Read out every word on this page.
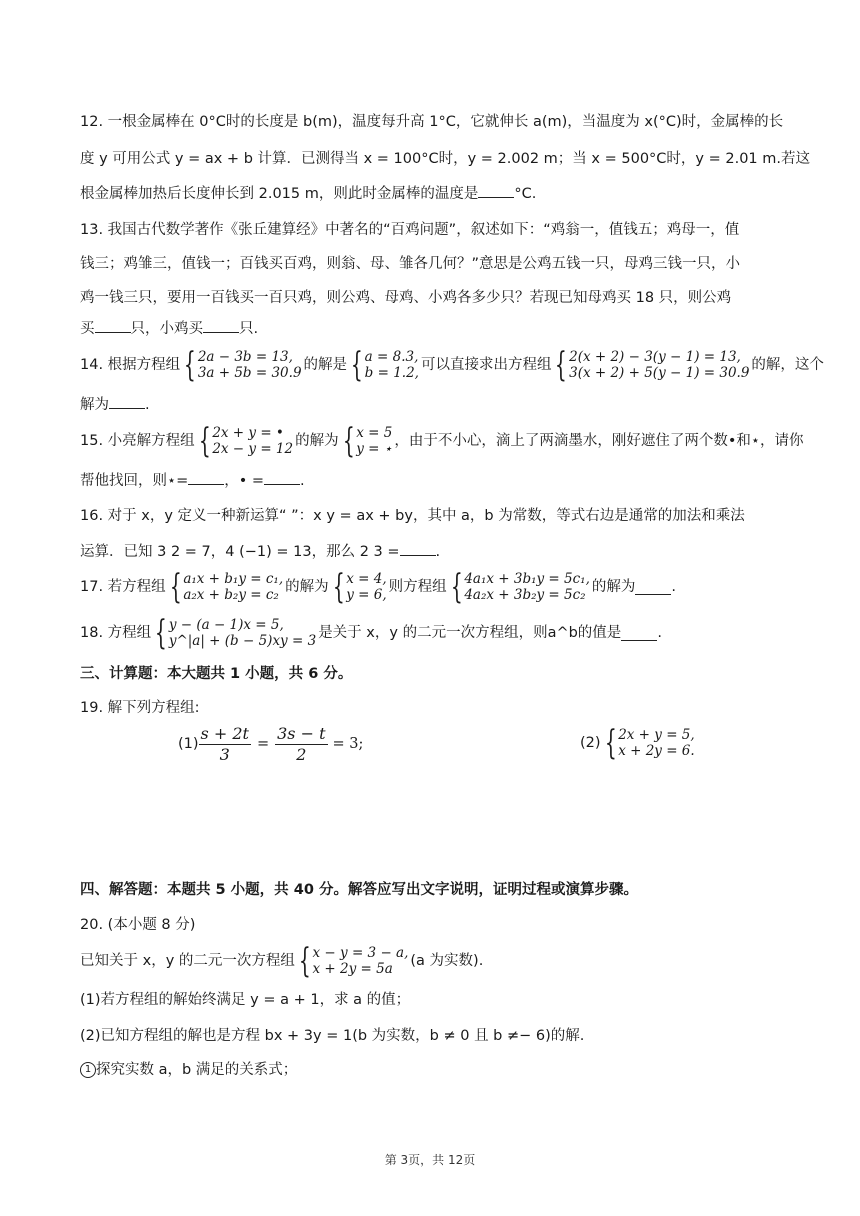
12. 一根金属棒在 0°C时的长度是 b(m)，温度每升高 1°C，它就伸长 a(m)，当温度为 x(°C)时，金属棒的长
度 y 可用公式 y = ax + b 计算．已测得当 x = 100°C时，y = 2.002 m；当 x = 500°C时，y = 2.01 m.若这
根金属棒加热后长度伸长到 2.015 m，则此时金属棒的温度是 °C.
13. 我国古代数学著作《张丘建算经》中著名的“百鸡问题”，叙述如下：“鸡翁一，值钱五；鸡母一，值
钱三；鸡雏三，值钱一；百钱买百鸡，则翁、母、雏各几何？”意思是公鸡五钱一只，母鸡三钱一只，小
鸡一钱三只，要用一百钱买一百只鸡，则公鸡、母鸡、小鸡各多少只？若现已知母鸡买 18 只，则公鸡
买 只，小鸡买 只.
14. 根据方程组 { 2a − 3b = 13,
3a + 5b = 30.9 的解是 { a = 8.3,
b = 1.2, 可以直接求出方程组 { 2(x + 2) − 3(y − 1) = 13,
3(x + 2) + 5(y − 1) = 30.9 的解，这个
解为 .
15. 小亮解方程组 { 2x + y = •
2x − y = 12 的解为 { x = 5
y = ⋆ ，由于不小心，滴上了两滴墨水，刚好遮住了两个数•和⋆，请你
帮他找回，则⋆= ，• = .
16. 对于 x，y 定义一种新运算“ ”：x y = ax + by，其中 a，b 为常数，等式右边是通常的加法和乘法
运算．已知 3 2 = 7，4 (−1) = 13，那么 2 3 = .
17. 若方程组 { a₁x + b₁y = c₁,
a₂x + b₂y = c₂ 的解为 { x = 4,
y = 6, 则方程组 { 4a₁x + 3b₁y = 5c₁,
4a₂x + 3b₂y = 5c₂ 的解为 .
18. 方程组 { y − (a − 1)x = 5,
y^|a| + (b − 5)xy = 3 是关于 x，y 的二元一次方程组，则a^b的值是 .
三、计算题：本大题共 1 小题，共 6 分。
19. 解下列方程组:
$(1) \frac{s + 2t}{3} = \frac{3s - t}{2} = 3$;	(2) { 2x + y = 5,
x + 2y = 6.
四、解答题：本题共 5 小题，共 40 分。解答应写出文字说明，证明过程或演算步骤。
20. (本小题 8 分)
已知关于 x，y 的二元一次方程组 { x − y = 3 − a,
x + 2y = 5a	(a 为实数).
(1)若方程组的解始终满足 y = a + 1，求 a 的值；
(2)已知方程组的解也是方程 bx + 3y = 1(b 为实数，b ≠ 0 且 b ≠− 6)的解.
1 探究实数 a，b 满足的关系式；
第 3页，共 12页
